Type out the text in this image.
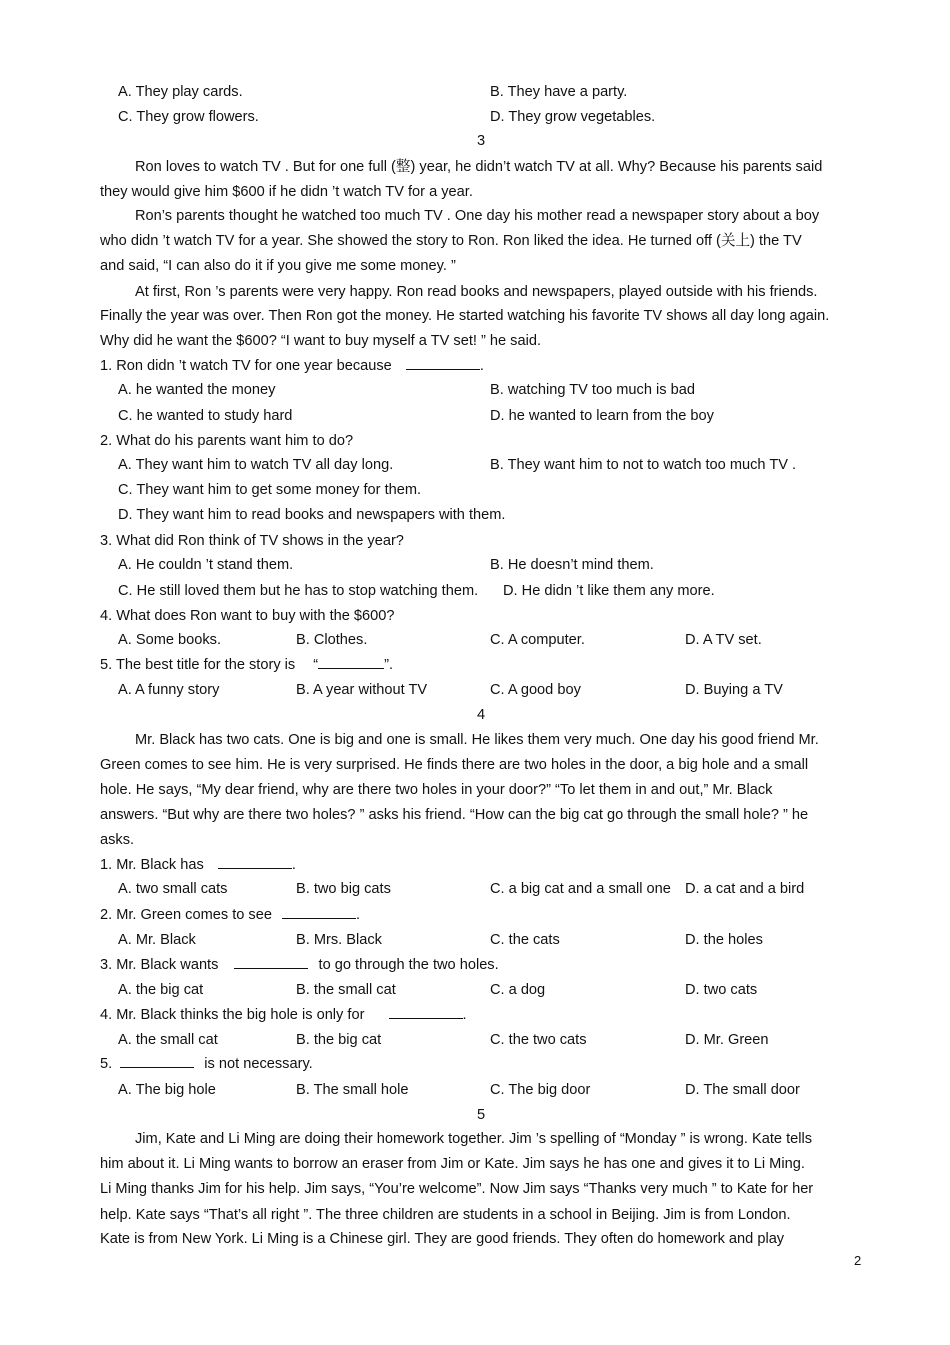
A. They play cards.	B. They have a party.
C. They grow flowers.	D. They grow vegetables.
3
Ron loves to watch TV . But for one full (整) year, he didn’t watch TV at all. Why? Because his parents said
they would give him $600 if he didn ’t watch TV for a year.
Ron’s parents thought he watched too much TV . One day his mother read a newspaper story about a boy
who didn ’t watch TV for a year. She showed the story to Ron. Ron liked the idea. He turned off (关上) the TV
and said, “I can also do it if you give me some money. ”
At first, Ron ’s parents were very happy. Ron read books and newspapers, played outside with his friends.
Finally the year was over. Then Ron got the money. He started watching his favorite TV shows all day long again.
Why did he want the $600? “I want to buy myself a TV set! ” he said.
1. Ron didn ’t watch TV for one year because	.
A. he wanted the money	B. watching TV too much is bad
C. he wanted to study hard	D. he wanted to learn from the boy
2. What do his parents want him to do?
A. They want him to watch TV all day long.	B. They want him to not to watch too much TV .
C. They want him to get some money for them.
D. They want him to read books and newspapers with them.
3. What did Ron think of TV shows in the year?
A. He couldn ’t stand them.	B. He doesn’t mind them.
C. He still loved them but he has to stop watching them. D. He didn ’t like them any more.
4. What does Ron want to buy with the $600?
A. Some books.	B. Clothes.	C. A computer.	D. A TV set.
5. The best title for the story is “	”.
A. A funny story	B. A year without TV	C. A good boy	D. Buying a TV
4
Mr. Black has two cats. One is big and one is small. He likes them very much. One day his good friend Mr.
Green comes to see him. He is very surprised. He finds there are two holes in the door, a big hole and a small
hole. He says, “My dear friend, why are there two holes in your door?” “To let them in and out,” Mr. Black
answers. “But why are there two holes? ” asks his friend. “How can the big cat go through the small hole? ” he
asks.
1. Mr. Black has	.
A. two small cats	B. two big cats	C. a big cat and a small one D. a cat and a bird
2. Mr. Green comes to see	.
A. Mr. Black	B. Mrs. Black	C. the cats	D. the holes
3. Mr. Black wants	to go through the two holes.
A. the big cat	B. the small cat	C. a dog	D. two cats
4. Mr. Black thinks the big hole is only for	.
A. the small cat	B. the big cat	C. the two cats	D. Mr. Green
5.	is not necessary.
A. The big hole	B. The small hole	C. The big door	D. The small door
5
Jim, Kate and Li Ming are doing their homework together. Jim ’s spelling of “Monday ” is wrong. Kate tells
him about it. Li Ming wants to borrow an eraser from Jim or Kate. Jim says he has one and gives it to Li Ming.
Li Ming thanks Jim for his help. Jim says, “You’re welcome”. Now Jim says “Thanks very much ” to Kate for her
help. Kate says “That’s all right ”. The three children are students in a school in Beijing. Jim is from London.
Kate is from New York. Li Ming is a Chinese girl. They are good friends. They often do homework and play
2
